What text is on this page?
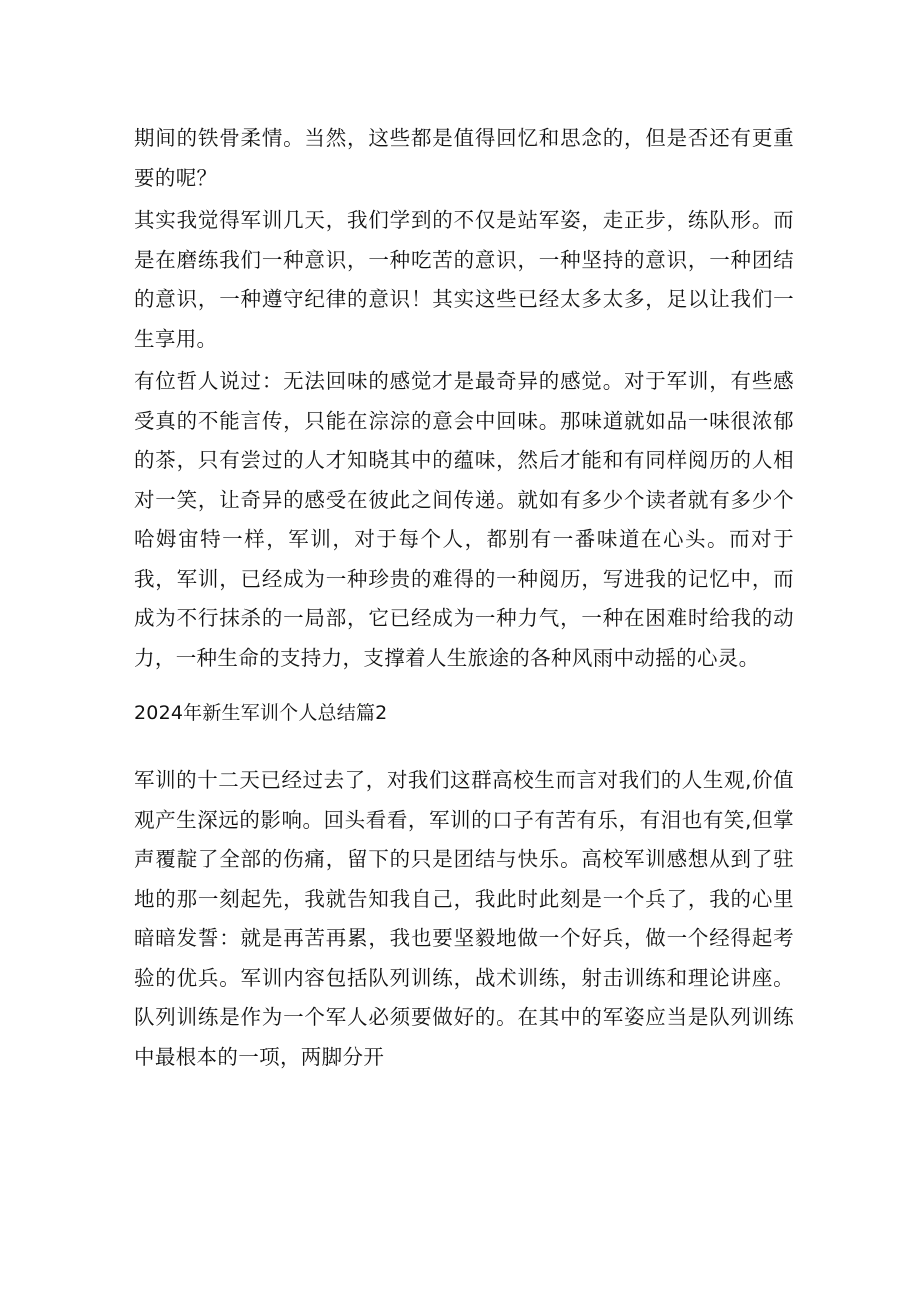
期间的铁骨柔情。当然，这些都是值得回忆和思念的，但是否还有更重要的呢？

其实我觉得军训几天，我们学到的不仅是站军姿，走正步，练队形。而是在磨练我们一种意识，一种吃苦的意识，一种坚持的意识，一种团结的意识，一种遵守纪律的意识！其实这些已经太多太多，足以让我们一生享用。

有位哲人说过：无法回味的感觉才是最奇异的感觉。对于军训，有些感受真的不能言传，只能在淙淙的意会中回味。那味道就如品一味很浓郁的茶，只有尝过的人才知晓其中的蕴味，然后才能和有同样阅历的人相对一笑，让奇异的感受在彼此之间传递。就如有多少个读者就有多少个哈姆宙特一样，军训，对于每个人，都别有一番味道在心头。而对于我，军训，已经成为一种珍贵的难得的一种阅历，写进我的记忆中，而成为不行抹杀的一局部，它已经成为一种力气，一种在困难时给我的动力，一种生命的支持力，支撑着人生旅途的各种风雨中动摇的心灵。

2024年新生军训个人总结篇2

军训的十二天已经过去了，对我们这群高校生而言对我们的人生观,价值观产生深远的影响。回头看看，军训的口子有苦有乐，有泪也有笑,但掌声覆靛了全部的伤痛，留下的只是团结与快乐。高校军训感想从到了驻地的那一刻起先，我就告知我自己，我此时此刻是一个兵了，我的心里暗暗发誓：就是再苦再累，我也要坚毅地做一个好兵，做一个经得起考验的优兵。军训内容包括队列训练，战术训练，射击训练和理论讲座。队列训练是作为一个军人必须要做好的。在其中的军姿应当是队列训练中最根本的一项，两脚分开
